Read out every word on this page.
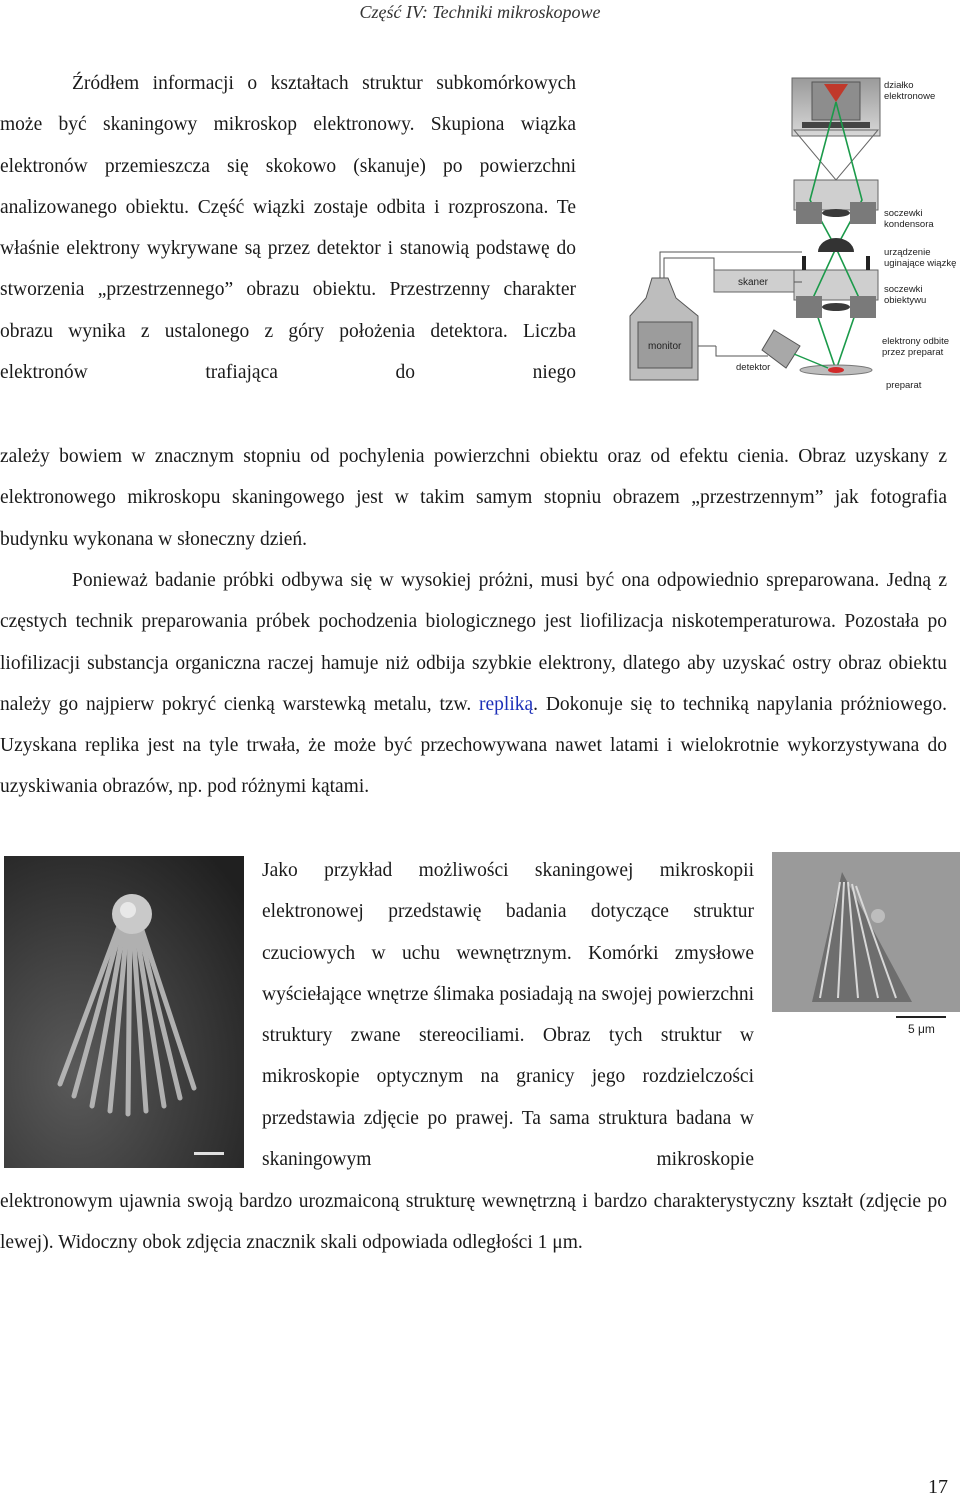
Część IV: Techniki mikroskopowe

Źródłem informacji o kształtach struktur subkomórkowych może być skaningowy mikroskop elektronowy. Skupiona wiązka elektronów przemieszcza się skokowo (skanuje) po powierzchni analizowanego obiektu. Część wiązki zostaje odbita i rozproszona. Te właśnie elektrony wykrywane są przez detektor i stanowią podstawę do stworzenia „przestrzennego” obrazu obiektu. Przestrzenny charakter obrazu wynika z ustalonego z góry położenia detektora. Liczba elektronów trafiająca do niego

zależy bowiem w znacznym stopniu od pochylenia powierzchni obiektu oraz od efektu cienia. Obraz uzyskany z elektronowego mikroskopu skaningowego jest w takim samym stopniu obrazem „przestrzennym” jak fotografia budynku wykonana w słoneczny dzień.

działko
elektronowe
soczewki
kondensora
urządzenie
uginające wiązkę
soczewki
obiektywu
skaner
monitor
detektor
elektrony odbite
przez preparat
preparat

Ponieważ badanie próbki odbywa się w wysokiej próżni, musi być ona odpowiednio spreparowana. Jedną z częstych technik preparowania próbek pochodzenia biologicznego jest liofilizacja niskotemperaturowa. Pozostała po liofilizacji substancja organiczna raczej hamuje niż odbija szybkie elektrony, dlatego aby uzyskać ostry obraz obiektu należy go najpierw pokryć cienką warstewką metalu, tzw. repliką. Dokonuje się to techniką napylania próżniowego. Uzyskana replika jest na tyle trwała, że może być przechowywana nawet latami i wielokrotnie wykorzystywana do uzyskiwania obrazów, np. pod różnymi kątami.

5 μm

Jako przykład możliwości skaningowej mikroskopii elektronowej przedstawię badania dotyczące struktur czuciowych w uchu wewnętrznym. Komórki zmysłowe wyściełające wnętrze ślimaka posiadają na swojej powierzchni struktury zwane stereociliami. Obraz tych struktur w mikroskopie optycznym na granicy jego rozdzielczości przedstawia zdjęcie po prawej. Ta sama struktura badana w skaningowym mikroskopie

elektronowym ujawnia swoją bardzo urozmaiconą strukturę wewnętrzną i bardzo charakterystyczny kształt (zdjęcie po lewej). Widoczny obok zdjęcia znacznik skali odpowiada odległości 1 μm.

17
